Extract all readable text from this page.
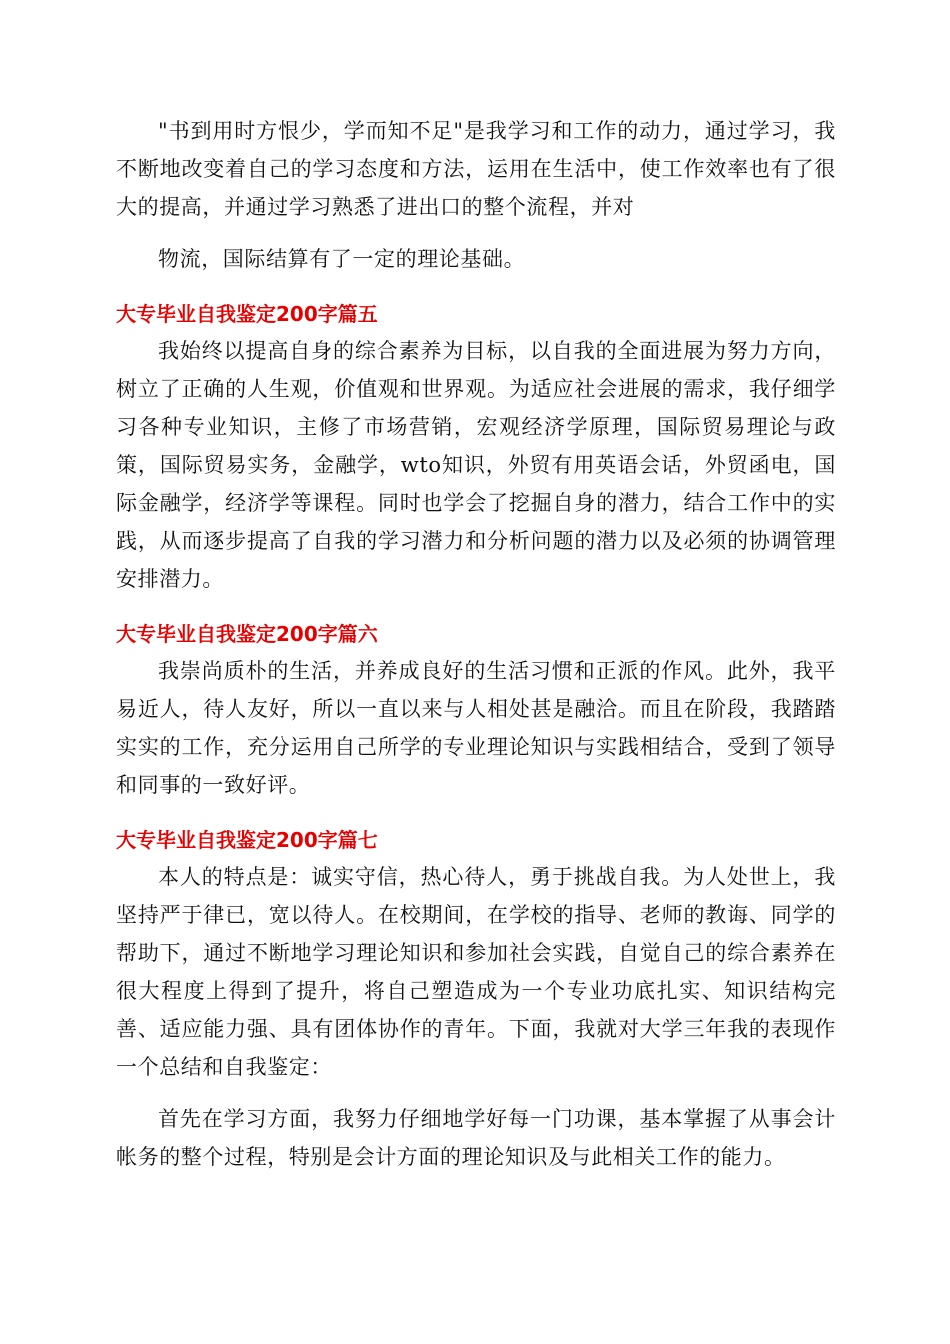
"书到用时方恨少，学而知不足"是我学习和工作的动力，通过学习，我不断地改变着自己的学习态度和方法，运用在生活中，使工作效率也有了很大的提高，并通过学习熟悉了进出口的整个流程，并对

物流，国际结算有了一定的理论基础。

大专毕业自我鉴定200字篇五

我始终以提高自身的综合素养为目标，以自我的全面进展为努力方向，树立了正确的人生观，价值观和世界观。为适应社会进展的需求，我仔细学习各种专业知识，主修了市场营销，宏观经济学原理，国际贸易理论与政策，国际贸易实务，金融学，wto知识，外贸有用英语会话，外贸函电，国际金融学，经济学等课程。同时也学会了挖掘自身的潜力，结合工作中的实践，从而逐步提高了自我的学习潜力和分析问题的潜力以及必须的协调管理安排潜力。

大专毕业自我鉴定200字篇六

我崇尚质朴的生活，并养成良好的生活习惯和正派的作风。此外，我平易近人，待人友好，所以一直以来与人相处甚是融洽。而且在阶段，我踏踏实实的工作，充分运用自己所学的专业理论知识与实践相结合，受到了领导和同事的一致好评。

大专毕业自我鉴定200字篇七

本人的特点是：诚实守信，热心待人，勇于挑战自我。为人处世上，我坚持严于律已，宽以待人。在校期间，在学校的指导、老师的教诲、同学的帮助下，通过不断地学习理论知识和参加社会实践，自觉自己的综合素养在很大程度上得到了提升，将自己塑造成为一个专业功底扎实、知识结构完善、适应能力强、具有团体协作的青年。下面，我就对大学三年我的表现作一个总结和自我鉴定：

首先在学习方面，我努力仔细地学好每一门功课，基本掌握了从事会计帐务的整个过程，特别是会计方面的理论知识及与此相关工作的能力。
